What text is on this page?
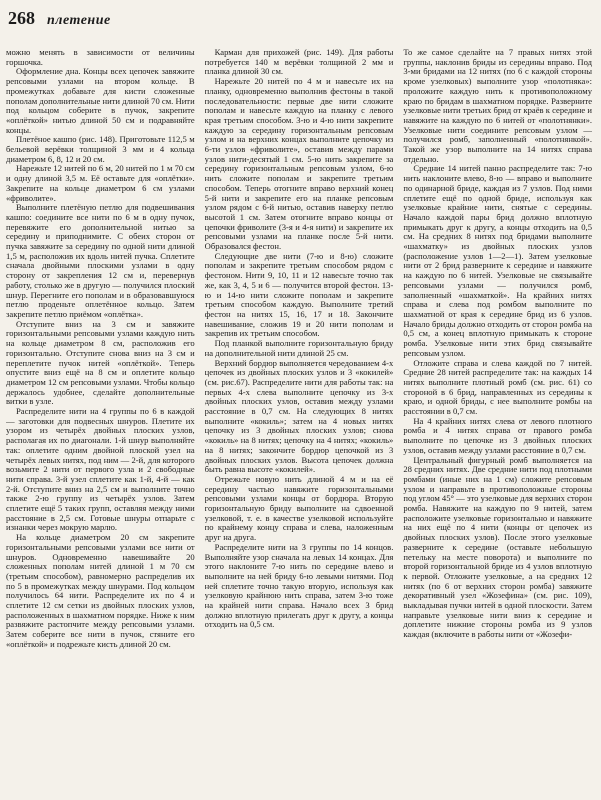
268 плетение

можно менять в зависимости от величины горшочка.

Оформление дна. Концы всех цепочек завяжите репсовыми узлами на втором кольце. В промежутках добавьте для кисти сложенные пополам дополнительные нити длиной 70 см. Нити под кольцом соберите в пучок, закрепите «оплёткой» нитью длиной 50 см и подравняйте концы.

Плетёное кашпо (рис. 148). Приготовьте 112,5 м бельевой верёвки толщиной 3 мм и 4 кольца диаметром 6, 8, 12 и 20 см.

Нарежьте 12 нитей по 6 м, 20 нитей по 1 м 70 см и одну длиной 3,5 м. Её оставьте для «оплётки». Закрепите на кольце диаметром 6 см узлами «фриволите».

Выполните плетёную петлю для подвешивания кашпо: соедините все нити по 6 м в одну пучок, перевяжите его дополнительной нитью за середину и приподнимите. С обеих сторон от пучка завяжите за середину по одной нити длиной 1,5 м, расположив их вдоль нитей пучка. Сплетите сначала двойными плоскими узлами в одну сторону от закрепления 12 см и, перевернув работу, столько же в другую — получился плоский шнур. Перегните его пополам и в образовавшуюся петлю проденьте оплетённое кольцо. Затем закрепите петлю приёмом «оплётка».

Отступите вниз на 3 см и завяжите горизонтальными репсовыми узлами каждую нить на кольце диаметром 8 см, расположив его горизонтально. Отступите снова вниз на 3 см и переплетите пучок нитей «оплёткой». Теперь опустите вниз ещё на 8 см и оплетите кольцо диаметром 12 см репсовыми узлами. Чтобы кольцо держалось удобнее, сделайте дополнительные витки в узле.

Распределите нити на 4 группы по 6 в каждой — заготовки для подвесных шнуров. Плетите их узором из четырёх двойных плоских узлов, располагая их по диагонали. 1-й шнур выполняйте так: оплетите одним двойной плоской узел на четырёх левых нитях, под ним — 2-й, для которого возьмите 2 нити от первого узла и 2 свободные нити справа. 3-й узел сплетите как 1-й, 4-й — как 2-й. Отступите вниз на 2,5 см и выполните точно также 2-ю группу из четырёх узлов. Затем сплетите ещё 5 таких групп, оставляя между ними расстояние в 2,5 см. Готовые шнуры отпарьте с изнанки через мокрую марлю.

На кольце диаметром 20 см закрепите горизонтальными репсовыми узлами все нити от шнуров. Одновременно навешивайте 20 сложенных пополам нитей длиной 1 м 70 см (третьим способом), равномерно распределив их по 5 в промежутках между шнурами. Под кольцом получилось 64 нити. Распределите их по 4 и сплетите 12 см сетки из двойных плоских узлов, расположенных в шахматном порядке. Ниже к ним развяжите растопчите между репсовыми узлами. Затем соберите все нити в пучок, стяните его «оплёткой» и подрежьте кисть длиной 20 см.

Карман для прихожей (рис. 149). Для работы потребуется 140 м верёвки толщиной 2 мм и планка длиной 30 см.

Нарежьте 20 нитей по 4 м и навесьте их на планку, одновременно выполнив фестоны в такой последовательности: первые две нити сложите пополам и навесьте каждую на планку с левого края третьим способом. 3-ю и 4-ю нити закрепите каждую за середину горизонтальным репсовым узлом и на верхних концах выполните цепочку из 6-ти узлов «фриволите», оставив между парами узлов нити-десятый 1 см. 5-ю нить закрепите за середину горизонтальным репсовым узлом, 6-ю нить сложите пополам и закрепите третьим способом. Теперь отогните вправо верхний конец 5-й нити и закрепите его на планке репсовым узлом рядом с 6-й нитью, оставив наверху петлю высотой 1 см. Затем отогните вправо концы от цепочки фриволите (3-я и 4-я нити) и закрепите их репсовыми узлами на планке после 5-й нити. Образовался фестон.

Следующие две нити (7-ю и 8-ю) сложите пополам и закрепите третьим способом рядом с фестоном. Нити 9, 10, 11 и 12 навесьте точно так же, как 3, 4, 5 и 6 — получится второй фестон. 13-ю и 14-ю нити сложите пополам и закрепите третьим способом каждую. Выполните третий фестон на нитях 15, 16, 17 и 18. Закончите навешивание, сложив 19 и 20 нити пополам и закрепив их третьим способом.

Под планкой выполните горизонтальную бриду на дополнительной нити длиной 25 см.

Верхний бордюр выполняется чередованием 4-х цепочек из двойных плоских узлов и 3 «кокилей» (см. рис.67). Распределите нити для работы так: на первых 4-х слева выполните цепочку из 3-х двойных плоских узлов, оставив между узлами расстояние в 0,7 см. На следующих 8 нитях выполните «кокиль»; затем на 4 новых нитях цепочку из 3 двойных плоских узлов; снова «кокиль» на 8 нитях; цепочку на 4 нитях; «кокиль» на 8 нитях; закончите бордюр цепочкой из 3 двойных плоских узлов. Высота цепочек должна быть равна высоте «кокилей».

Отрежьте новую нить длиной 4 м и на её середину частью навяжите горизонтальными репсовыми узлами концы от бордюра. Вторую горизонтальную бриду выполните на сдвоенной узелковой, т. е. в качестве узелковой используйте по крайнему концу справа и слева, наложенным друг на друга.

Распределите нити на 3 группы по 14 концов. Выполняйте узор сначала на левых 14 концах. Для этого наклоните 7-ю нить по середине влево и выполните на ней бриду 6-ю левыми нитями. Под ней сплетите точно такую вторую, используя как узелковую крайнюю нить справа, затем 3-ю тоже на крайней нити справа. Начало всех 3 брид должно вплотную прилегать друг к другу, а концы отходить на 0,5 см.

То же самое сделайте на 7 правых нитях этой группы, наклонив бриды из середины вправо. Под 3-ми бридами на 12 нитях (по 6 с каждой стороны кроме узелковых) выполните узор «полотняка»: проложите каждую нить к противоположному краю по бридам в шахматном порядке. Развернитe узелковые нити третьих брид от краёв к середине и навяжите на каждую по 6 нитей от «полотнянки». Узелковые нити соедините репсовым узлом — получился ромб, заполненный «полотнянкой». Такой же узор выполните на 14 нитях справа отдельно.

Средние 14 нитей панно распределите так: 7-ю нить наклоните влево, 8-ю — вправо и выполните по одинарной бриде, каждая из 7 узлов. Под ними сплетите ещё по одной бриде, используя как узелковые крайние нити, снятые с середины. Начало каждой пары брид должно вплотную примыкать друг к другу, а концы отходить на 0,5 см. На средних 8 нитях под бридами выполните «шахматку» из двойных плоских узлов (расположение узлов 1—2—1). Затем узелковые нити от 2 брид разверните к середине и навяжите на каждую по 6 нитей. Узелковые не связывайте репсовыми узлами — получился ромб, заполненный «шахматкой». На крайних нитях справа и слева под ромбом выполните по шахматной от края к середине брид из 6 узлов. Начало бриды должно отходить от сторон ромба на 0,5 см, а конец вплотную примыкать к стороне ромба. Узелковые нити этих брид связывайте репсовым узлом.

Отложите справа и слева каждой по 7 нитей. Средние 28 нитей распределите так: на каждых 14 нитях выполните плотный ромб (см. рис. 61) со стороной в 6 брид, направленных из середины к краю, и одной бриды, с нее выполните ромбы на расстоянии в 0,7 см.

На 4 крайних нитях слева от левого плотного ромба и 4 нитях справа от правого ромба выполните по цепочке из 3 двойных плоских узлов, оставив между узлами расстояние в 0,7 см.

Центральный фигурный ромб выполняется на 28 средних нитях. Две средние нити под плотными ромбами (иные них на 1 см) сложите репсовым узлом и направьте в противоположные стороны под углом 45° — это узелковые для верхних сторон ромба. Навяжите на каждую по 9 нитей, затем расположите узелковые горизонтально и навяжите на них ещё по 4 нити (концы от цепочек из двойных плоских узлов). После этого узелковые разверните к середине (оставьте небольшую петельку на месте поворота) и выполните по второй горизонтальной бриде из 4 узлов вплотную к первой. Отложите узелковые, а на средних 12 нитях (по 6 от верхних сторон ромба) завяжите декоративный узел «Жозефина» (см. рис. 109), выкладывая пучки нитей в одной плоскости. Затем направьте узелковые нити вниз к середине и доплетите нижние стороны ромба из 9 узлов каждая (включите в работы нити от «Жозефи-
